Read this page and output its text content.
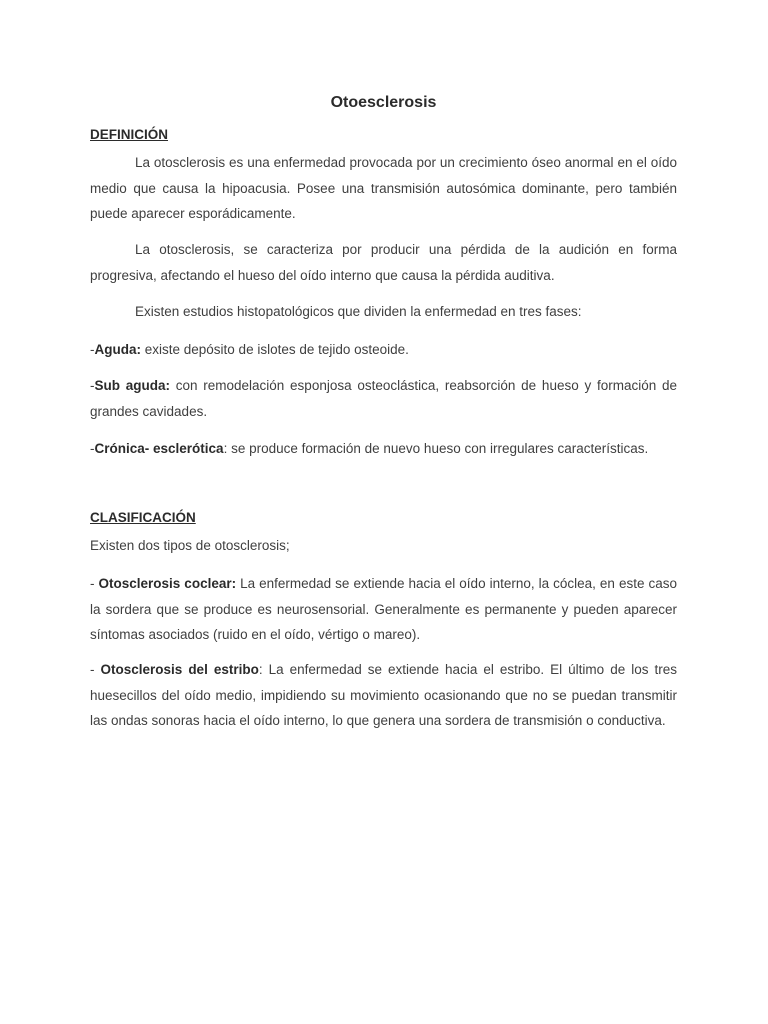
Otoesclerosis
DEFINICIÓN

La otosclerosis es una enfermedad provocada por un crecimiento óseo anormal en el oído medio que causa la hipoacusia. Posee una transmisión autosómica dominante, pero también puede aparecer esporádicamente.

La otosclerosis, se caracteriza por producir una pérdida de la audición en forma progresiva, afectando el hueso del oído interno que causa la pérdida auditiva.

Existen estudios histopatológicos que dividen la enfermedad en tres fases:

-Aguda: existe depósito de islotes de tejido osteoide.

-Sub aguda: con remodelación esponjosa osteoclástica, reabsorción de hueso y formación de grandes cavidades.

-Crónica- esclerótica: se produce formación de nuevo hueso con irregulares características.

CLASIFICACIÓN

Existen dos tipos de otosclerosis;

- Otosclerosis coclear: La enfermedad se extiende hacia el oído interno, la cóclea, en este caso la sordera que se produce es neurosensorial. Generalmente es permanente y pueden aparecer síntomas asociados (ruido en el oído, vértigo o mareo).

- Otosclerosis del estribo: La enfermedad se extiende hacia el estribo. El último de los tres huesecillos del oído medio, impidiendo su movimiento ocasionando que no se puedan transmitir las ondas sonoras hacia el oído interno, lo que genera una sordera de transmisión o conductiva.
